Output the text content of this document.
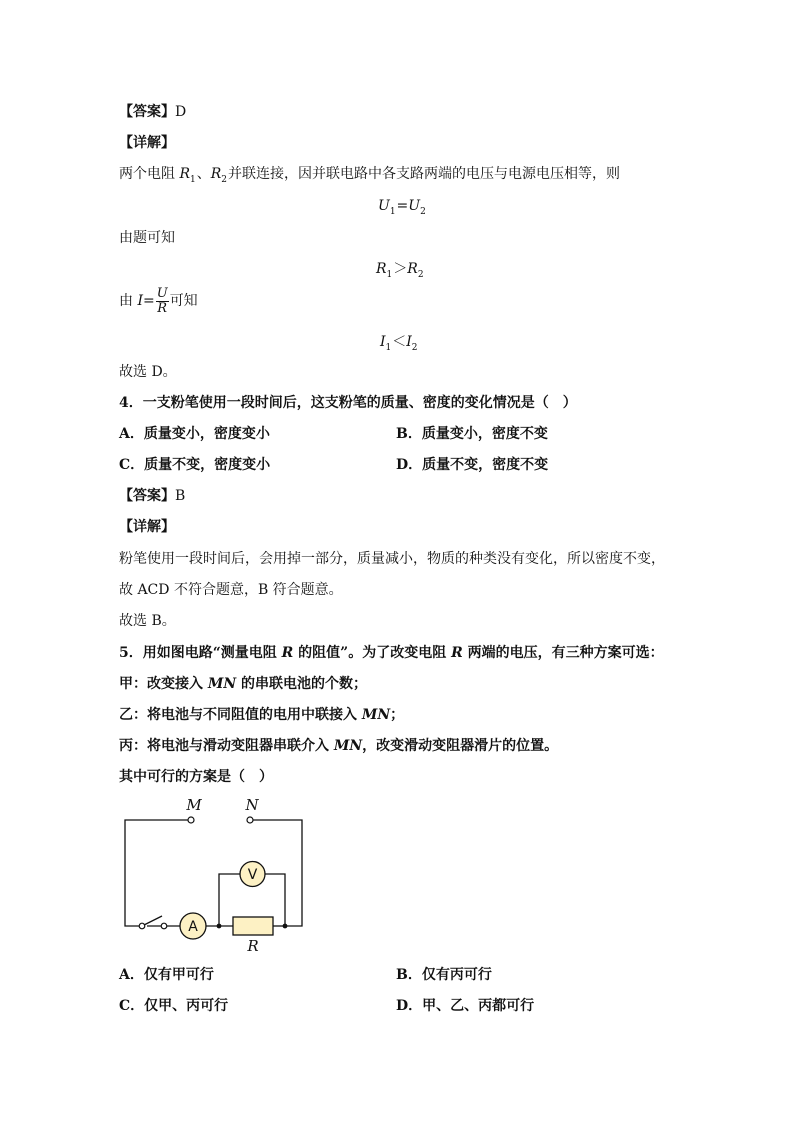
【答案】D
【详解】
两个电阻 $R_1$、$R_2$并联连接，因并联电路中各支路两端的电压与电源电压相等，则
$U_1=U_2$
由题可知
$R_1>R_2$
由 $I= \frac{U}{R}$ 可知
$I_1<I_2$
故选 D。
4．一支粉笔使用一段时间后，这支粉笔的质量、密度的变化情况是（　）
A．质量变小，密度变小	B．质量变小，密度不变
C．质量不变，密度变小	D．质量不变，密度不变
【答案】B
【详解】
粉笔使用一段时间后，会用掉一部分，质量减小，物质的种类没有变化，所以密度不变，
故 ACD 不符合题意，B 符合题意。
故选 B。
5．用如图电路“测量电阻 R 的阻值”。为了改变电阻 R 两端的电压，有三种方案可选：
甲：改变接入 MN 的串联电池的个数；
乙：将电池与不同阻值的电用中联接入 MN；
丙：将电池与滑动变阻器串联介入 MN，改变滑动变阻器滑片的位置。
其中可行的方案是（　）
A
V
M	N
R
A．仅有甲可行	B．仅有丙可行
C．仅甲、丙可行	D．甲、乙、丙都可行
